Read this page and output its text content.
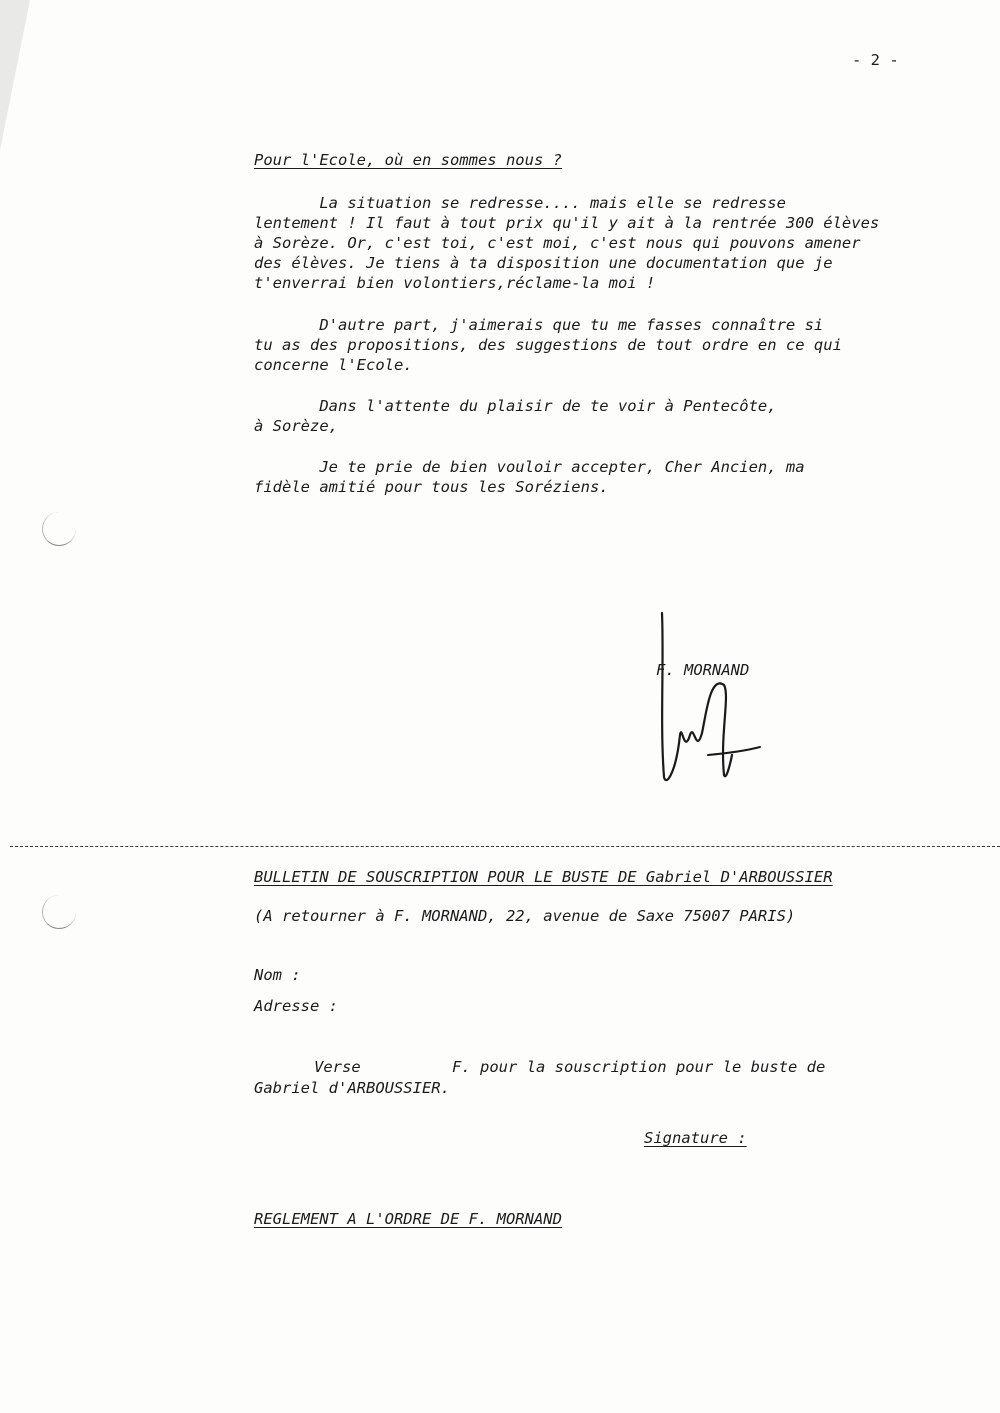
- 2 -

Pour l'Ecole, où en sommes nous ?

La situation se redresse.... mais elle se redresse

lentement ! Il faut à tout prix qu'il y ait à la rentrée 300 élèves

à Sorèze. Or, c'est toi, c'est moi, c'est nous qui pouvons amener

des élèves. Je tiens à ta disposition une documentation que je

t'enverrai bien volontiers,réclame-la moi !

D'autre part, j'aimerais que tu me fasses connaître si

tu as des propositions, des suggestions de tout ordre en ce qui

concerne l'Ecole.

Dans l'attente du plaisir de te voir à Pentecôte,

à Sorèze,

Je te prie de bien vouloir accepter, Cher Ancien, ma

fidèle amitié pour tous les Soréziens.

F. MORNAND

BULLETIN DE SOUSCRIPTION POUR LE BUSTE DE Gabriel D'ARBOUSSIER

(A retourner à F. MORNAND, 22, avenue de Saxe 75007 PARIS)

Nom :

Adresse :

Verse	F. pour la souscription pour le buste de

Gabriel d'ARBOUSSIER.

Signature :

REGLEMENT A L'ORDRE DE F. MORNAND
